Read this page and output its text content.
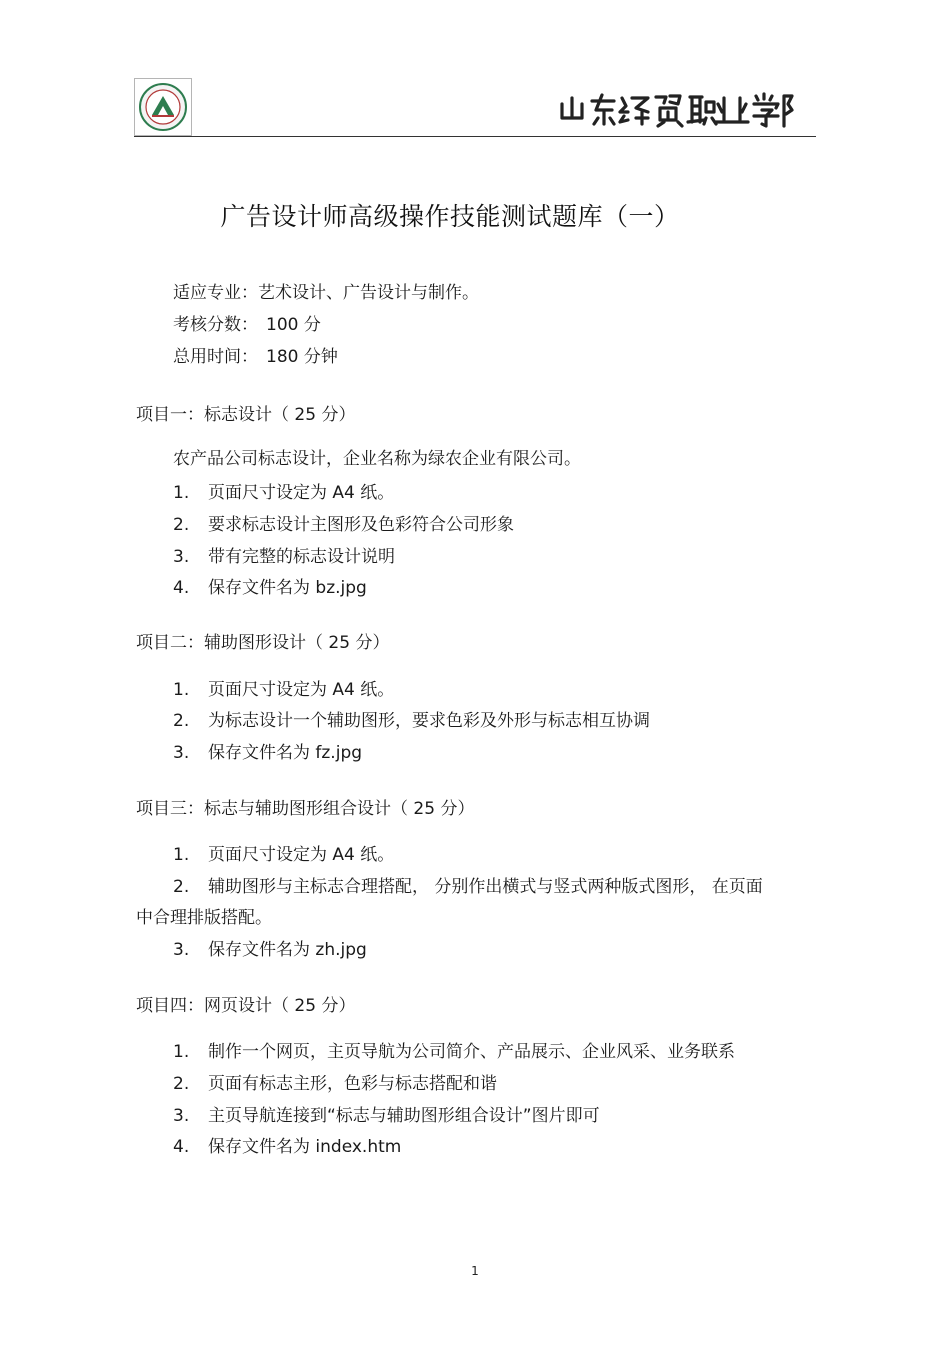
广告设计师高级操作技能测试题库（一）
适应专业：艺术设计、广告设计与制作。
考核分数： 100 分
总用时间： 180 分钟
项目一：标志设计（ 25 分）
农产品公司标志设计，企业名称为绿农企业有限公司。
1. 页面尺寸设定为 A4 纸。
2. 要求标志设计主图形及色彩符合公司形象
3. 带有完整的标志设计说明
4. 保存文件名为 bz.jpg
项目二：辅助图形设计（ 25 分）
1. 页面尺寸设定为 A4 纸。
2. 为标志设计一个辅助图形，要求色彩及外形与标志相互协调
3. 保存文件名为 fz.jpg
项目三：标志与辅助图形组合设计（ 25 分）
1. 页面尺寸设定为 A4 纸。
2. 辅助图形与主标志合理搭配， 分别作出横式与竖式两种版式图形， 在页面
中合理排版搭配。
3. 保存文件名为 zh.jpg
项目四：网页设计（ 25 分）
1. 制作一个网页，主页导航为公司简介、产品展示、企业风采、业务联系
2. 页面有标志主形，色彩与标志搭配和谐
3. 主页导航连接到“标志与辅助图形组合设计”图片即可
4. 保存文件名为 index.htm
1
